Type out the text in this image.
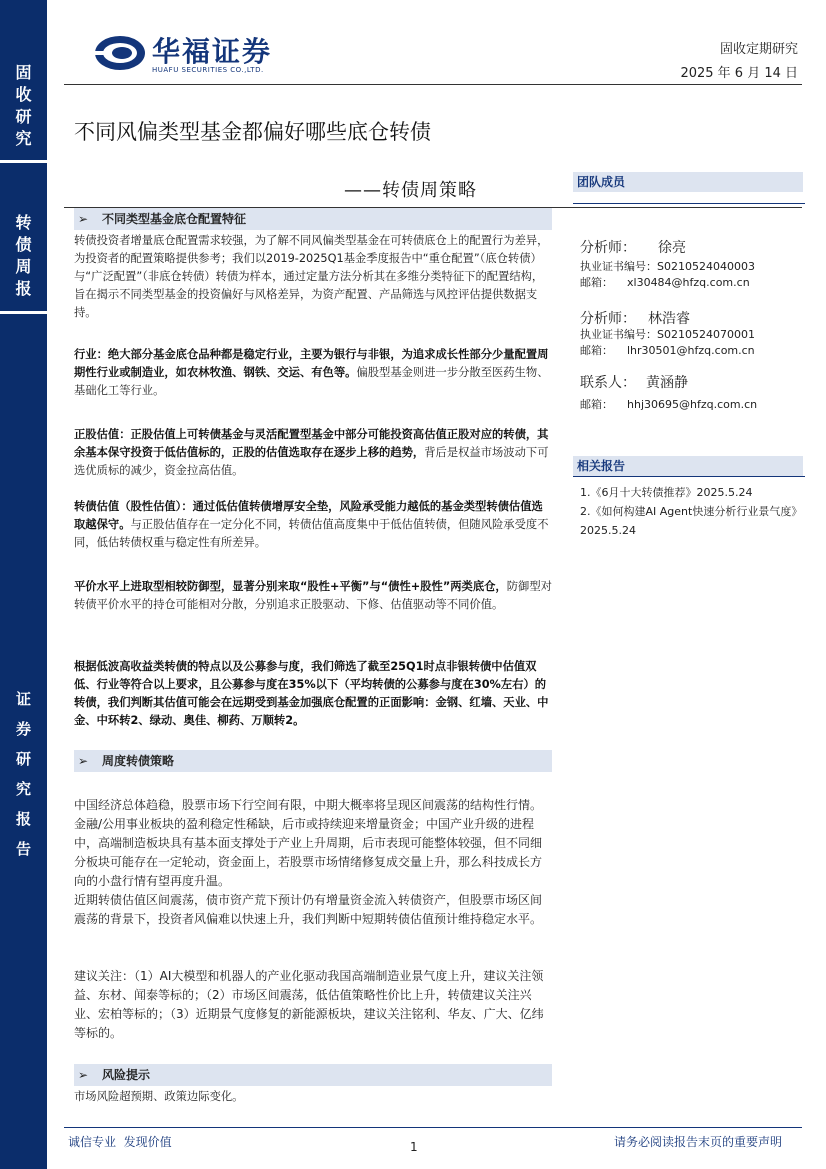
固
收
研
究
转
债
周
报
证

券

研

究

报

告
华福证券
HUAFU SECURITIES CO.,LTD.
固收定期研究
2025 年 6 月 14 日
不同风偏类型基金都偏好哪些底仓转债
——转债周策略
➢ 不同类型基金底仓配置特征

转债投资者增量底仓配置需求较强，为了解不同风偏类型基金在可转债底仓上的配置行为差异，为投资者的配置策略提供参考；我们以2019-2025Q1基金季度报告中“重仓配置”（底仓转债）与“广泛配置”（非底仓转债）转债为样本，通过定量方法分析其在多维分类特征下的配置结构，旨在揭示不同类型基金的投资偏好与风格差异，为资产配置、产品筛选与风控评估提供数据支持。

行业：绝大部分基金底仓品种都是稳定行业，主要为银行与非银，为追求成长性部分少量配置周期性行业或制造业，如农林牧渔、钢铁、交运、有色等。偏股型基金则进一步分散至医药生物、基础化工等行业。

正股估值：正股估值上可转债基金与灵活配置型基金中部分可能投资高估值正股对应的转债，其余基本保守投资于低估值标的，正股的估值选取存在逐步上移的趋势，背后是权益市场波动下可选优质标的减少，资金拉高估值。

转债估值（股性估值）：通过低估值转债增厚安全垫，风险承受能力越低的基金类型转债估值选取越保守。与正股估值存在一定分化不同，转债估值高度集中于低估值转债，但随风险承受度不同，低估转债权重与稳定性有所差异。

平价水平上进取型相较防御型，显著分别来取“股性+平衡”与“债性+股性”两类底仓，防御型对转债平价水平的持仓可能相对分散，分别追求正股驱动、下修、估值驱动等不同价值。

根据低波高收益类转债的特点以及公募参与度，我们筛选了截至25Q1时点非银转债中估值双低、行业等符合以上要求，且公募参与度在35%以下（平均转债的公募参与度在30%左右）的转债，我们判断其估值可能会在远期受到基金加强底仓配置的正面影响：金钢、红墙、天业、中金、中环转2、绿动、奥佳、柳药、万顺转2。

➢ 周度转债策略

中国经济总体趋稳，股票市场下行空间有限，中期大概率将呈现区间震荡的结构性行情。金融/公用事业板块的盈利稳定性稀缺，后市或持续迎来增量资金；中国产业升级的进程中，高端制造板块具有基本面支撑处于产业上升周期，后市表现可能整体较强，但不同细分板块可能存在一定轮动，资金面上，若股票市场情绪修复成交量上升，那么科技成长方向的小盘行情有望再度升温。

近期转债估值区间震荡，债市资产荒下预计仍有增量资金流入转债资产，但股票市场区间震荡的背景下，投资者风偏难以快速上升，我们判断中短期转债估值预计维持稳定水平。

建议关注：（1）AI大模型和机器人的产业化驱动我国高端制造业景气度上升，建议关注领益、东材、闻泰等标的；（2）市场区间震荡，低估值策略性价比上升，转债建议关注兴业、宏柏等标的；（3）近期景气度修复的新能源板块，建议关注铭利、华友、广大、亿纬等标的。

➢ 风险提示

市场风险超预期、政策边际变化。

团队成员
分析师： 徐亮
执业证书编号：S0210524040003
邮箱： xl30484@hfzq.com.cn
分析师： 林浩睿
执业证书编号：S0210524070001
邮箱： lhr30501@hfzq.com.cn
联系人： 黄涵静
邮箱： hhj30695@hfzq.com.cn
相关报告
1.《6月十大转债推荐》2025.5.24
2.《如何构建AI Agent快速分析行业景气度》2025.5.24
诚信专业  发现价值	1	请务必阅读报告末页的重要声明
